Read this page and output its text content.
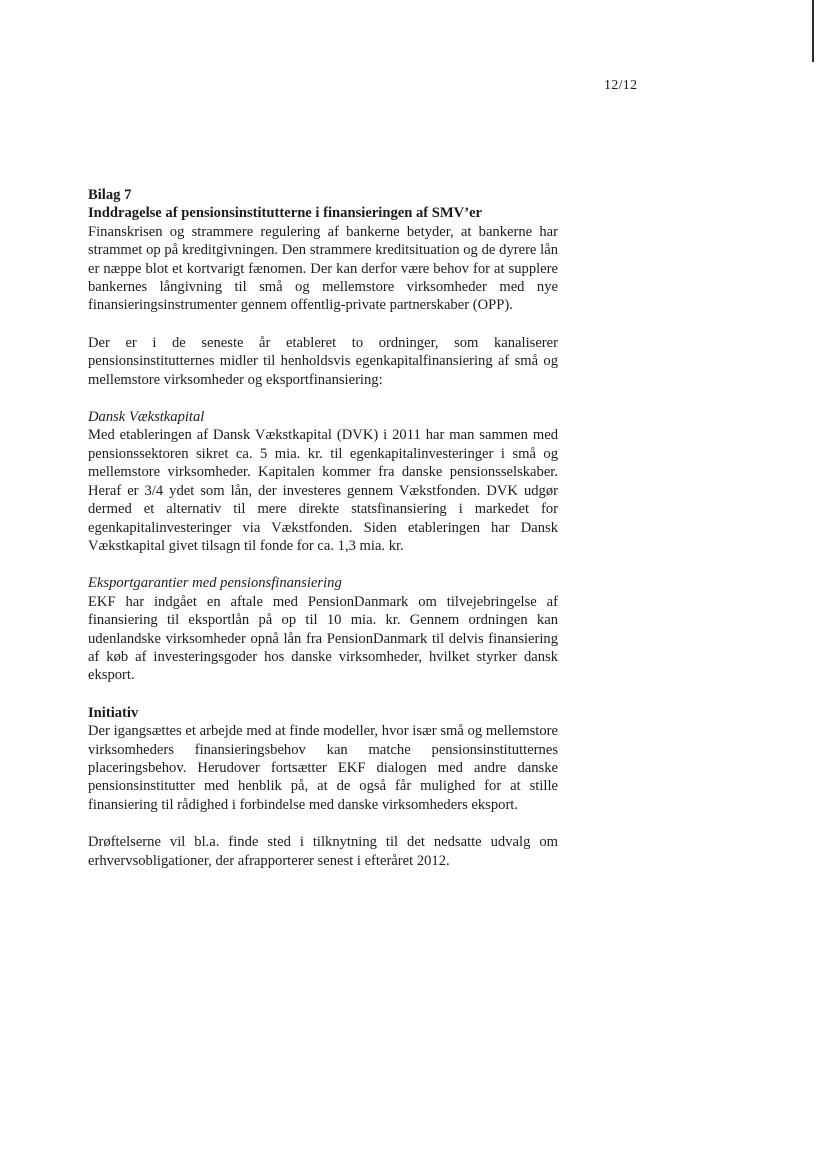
12/12

Bilag 7

Inddragelse af pensionsinstitutterne i finansieringen af SMV’er

Finanskrisen og strammere regulering af bankerne betyder, at bankerne har strammet op på kreditgivningen. Den strammere kreditsituation og de dyrere lån er næppe blot et kortvarigt fænomen. Der kan derfor være behov for at supplere bankernes långivning til små og mellemstore virksomheder med nye finansieringsinstrumenter gennem offentlig-private partnerskaber (OPP).

Der er i de seneste år etableret to ordninger, som kanaliserer pensionsinstitutternes midler til henholdsvis egenkapitalfinansiering af små og mellemstore virksomheder og eksportfinansiering:

Dansk Vækstkapital

Med etableringen af Dansk Vækstkapital (DVK) i 2011 har man sammen med pensionssektoren sikret ca. 5 mia. kr. til egenkapitalinvesteringer i små og mellemstore virksomheder. Kapitalen kommer fra danske pensionsselskaber. Heraf er 3/4 ydet som lån, der investeres gennem Vækstfonden. DVK udgør dermed et alternativ til mere direkte statsfinansiering i markedet for egenkapitalinvesteringer via Vækstfonden. Siden etableringen har Dansk Vækstkapital givet tilsagn til fonde for ca. 1,3 mia. kr.

Eksportgarantier med pensionsfinansiering

EKF har indgået en aftale med PensionDanmark om tilvejebringelse af finansiering til eksportlån på op til 10 mia. kr. Gennem ordningen kan udenlandske virksomheder opnå lån fra PensionDanmark til delvis finansiering af køb af investeringsgoder hos danske virksomheder, hvilket styrker dansk eksport.

Initiativ

Der igangsættes et arbejde med at finde modeller, hvor især små og mellemstore virksomheders finansieringsbehov kan matche pensionsinstitutternes placeringsbehov. Herudover fortsætter EKF dialogen med andre danske pensionsinstitutter med henblik på, at de også får mulighed for at stille finansiering til rådighed i forbindelse med danske virksomheders eksport.

Drøftelserne vil bl.a. finde sted i tilknytning til det nedsatte udvalg om erhvervsobligationer, der afrapporterer senest i efteråret 2012.
